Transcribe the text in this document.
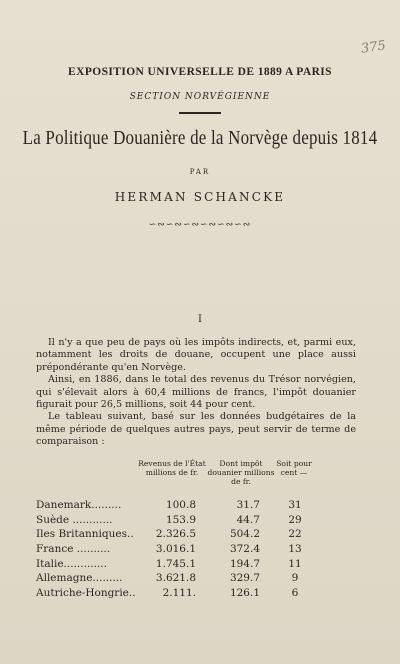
375
EXPOSITION UNIVERSELLE DE 1889 A PARIS
SECTION NORVÉGIENNE
La Politique Douanière de la Norvège depuis 1814
PAR
HERMAN SCHANCKE
∽∾∽∾∽∾∽∾∽∾∽∾
I

Il n'y a que peu de pays où les impôts indirects, et, parmi eux, notamment les droits de douane, occupent une place aussi prépondérante qu'en Norvège.

Ainsi, en 1886, dans le total des revenus du Trésor norvégien, qui s'élevait alors à 60,4 millions de francs, l'impôt douanier figurait pour 26,5 millions, soit 44 pour cent.

Le tableau suivant, basé sur les données budgétaires de la même période de quelques autres pays, peut servir de terme de comparaison :

Revenus de l'État millions de fr.
Dont impôt douanier millions de fr.
Soit pour cent —
Danemark.........	100.8	31.7	31
Suède ............	153.9	44.7	29
Iles Britanniques..	2.326.5	504.2	22
France ..........	3.016.1	372.4	13
Italie.............	1.745.1	194.7	11
Allemagne.........	3.621.8	329.7	9
Autriche-Hongrie..	2.111.	126.1	6
